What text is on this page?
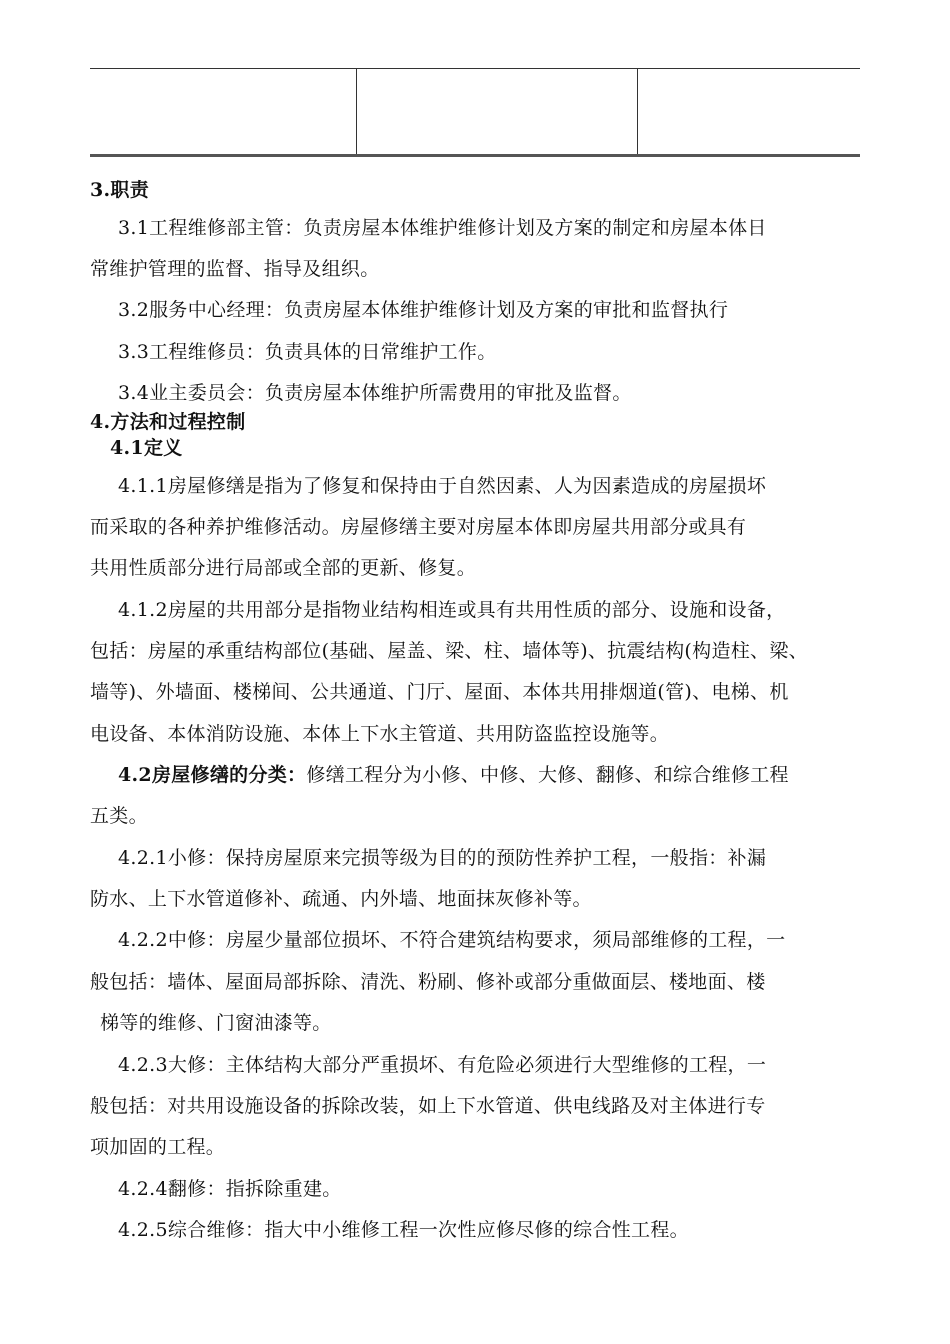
3.职责
3.1工程维修部主管：负责房屋本体维护维修计划及方案的制定和房屋本体日
常维护管理的监督、指导及组织。
3.2服务中心经理：负责房屋本体维护维修计划及方案的审批和监督执行
3.3工程维修员：负责具体的日常维护工作。
3.4业主委员会：负责房屋本体维护所需费用的审批及监督。
4.方法和过程控制
4.1定义
4.1.1房屋修缮是指为了修复和保持由于自然因素、人为因素造成的房屋损坏
而采取的各种养护维修活动。房屋修缮主要对房屋本体即房屋共用部分或具有
共用性质部分进行局部或全部的更新、修复。
4.1.2房屋的共用部分是指物业结构相连或具有共用性质的部分、设施和设备，
包括：房屋的承重结构部位(基础、屋盖、梁、柱、墙体等)、抗震结构(构造柱、梁、
墙等)、外墙面、楼梯间、公共通道、门厅、屋面、本体共用排烟道(管)、电梯、机
电设备、本体消防设施、本体上下水主管道、共用防盗监控设施等。
4.2房屋修缮的分类：修缮工程分为小修、中修、大修、翻修、和综合维修工程
五类。
4.2.1小修：保持房屋原来完损等级为目的的预防性养护工程，一般指：补漏
防水、上下水管道修补、疏通、内外墙、地面抹灰修补等。
4.2.2中修：房屋少量部位损坏、不符合建筑结构要求，须局部维修的工程，一
般包括：墙体、屋面局部拆除、清洗、粉刷、修补或部分重做面层、楼地面、楼
梯等的维修、门窗油漆等。
4.2.3大修：主体结构大部分严重损坏、有危险必须进行大型维修的工程，一
般包括：对共用设施设备的拆除改装，如上下水管道、供电线路及对主体进行专
项加固的工程。
4.2.4翻修：指拆除重建。
4.2.5综合维修：指大中小维修工程一次性应修尽修的综合性工程。
